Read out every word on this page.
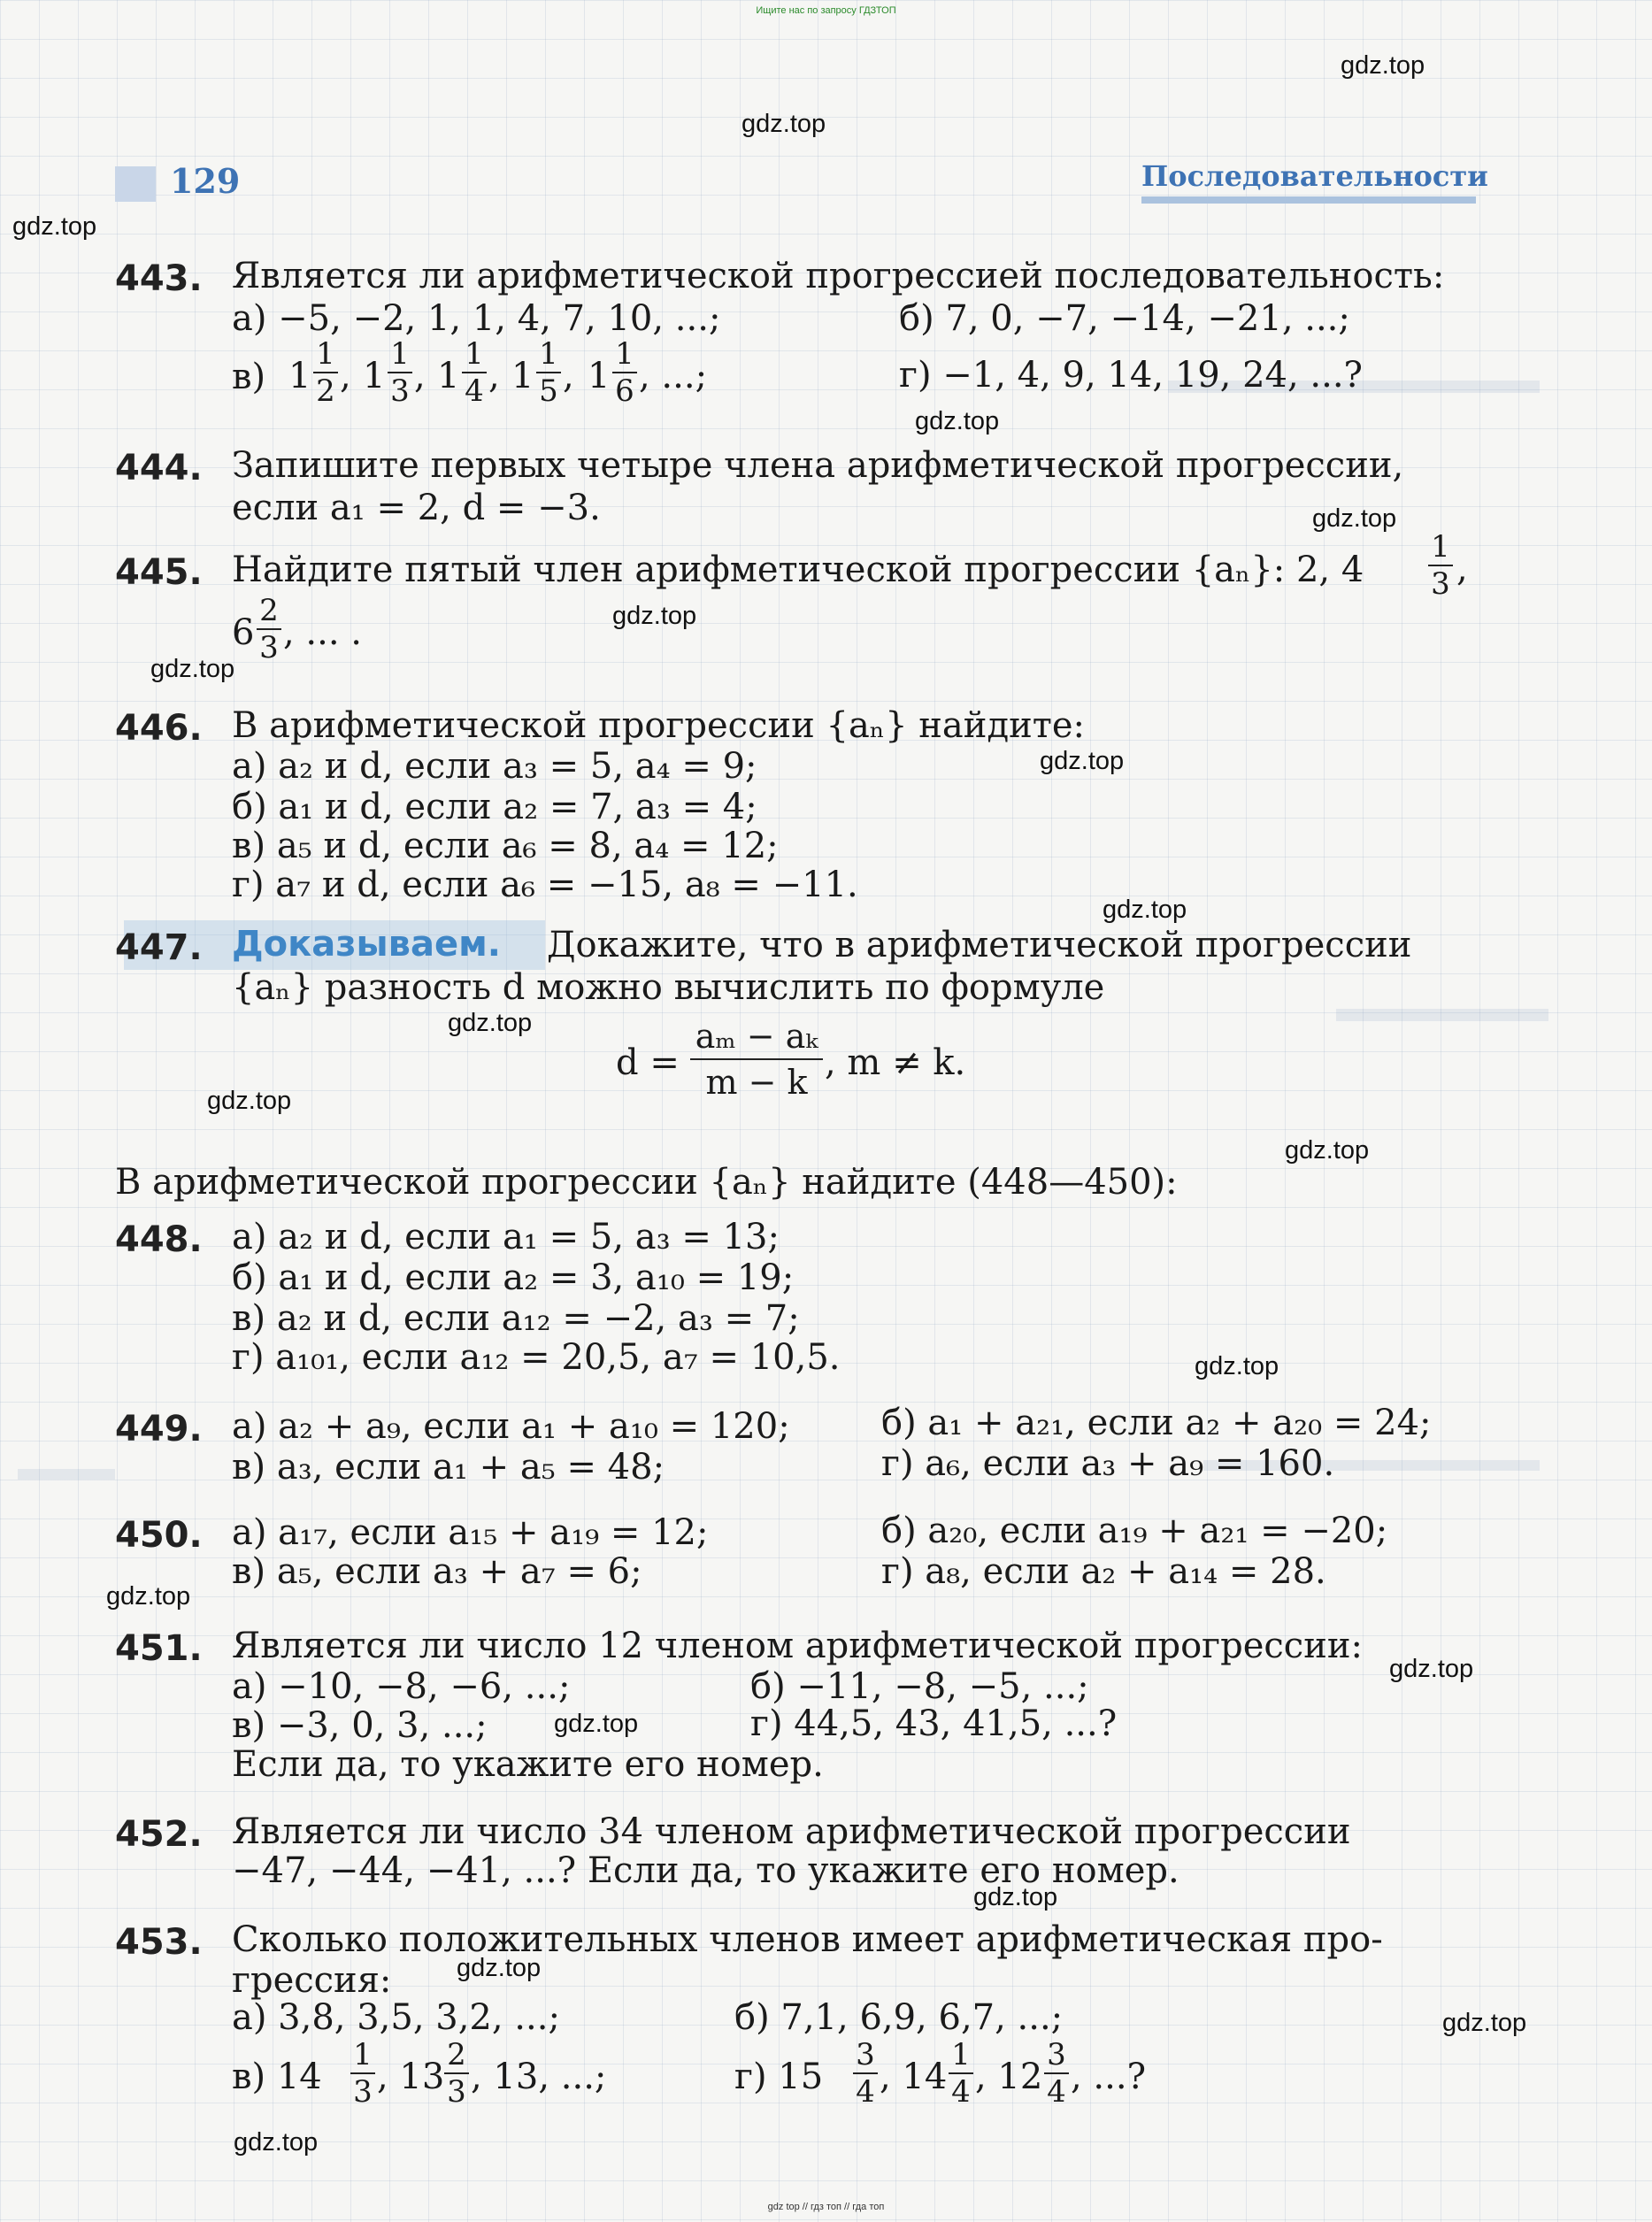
Ищите нас по запросу ГДЗТОП
gdz top // гдз топ // гда топ
129	Последовательности
gdz.top
gdz.top
gdz.top
gdz.top
gdz.top
gdz.top
gdz.top
gdz.top
gdz.top
gdz.top
gdz.top
gdz.top
gdz.top
gdz.top
gdz.top
gdz.top
gdz.top
gdz.top
gdz.top
gdz.top
443. Является ли арифметической прогрессией последовательность:
а) −5, −2, 1, 1, 4, 7, 10, ...;	б) 7, 0, −7, −14, −21, ...;
в) $1 \frac{1}{2}$ , $1 \frac{1}{3}$ , $1 \frac{1}{4}$ , $1 \frac{1}{5}$ , $1 \frac{1}{6}$ , ...;	г) −1, 4, 9, 14, 19, 24, ...?
444. Запишите первых четыре члена арифметической прогрессии,
если a₁ = 2, d = −3.
445. Найдите пятый член арифметической прогрессии {aₙ}: 2, $4 \frac{1}{3}$ ,
$6 \frac{2}{3}$ , ... .
446. В арифметической прогрессии {aₙ} найдите:
а) a₂ и d, если a₃ = 5, a₄ = 9;
б) a₁ и d, если a₂ = 7, a₃ = 4;
в) a₅ и d, если a₆ = 8, a₄ = 12;
г) a₇ и d, если a₆ = −15, a₈ = −11.
447. Доказываем. Докажите, что в арифметической прогрессии
{aₙ} разность d можно вычислить по формуле
$d = \frac{\text{aₘ − aₖ}}{m - k}$ , m ≠ k.
В арифметической прогрессии {aₙ} найдите (448—450):
448. а) a₂ и d, если a₁ = 5, a₃ = 13;
б) a₁ и d, если a₂ = 3, a₁₀ = 19;
в) a₂ и d, если a₁₂ = −2, a₃ = 7;
г) a₁₀₁, если a₁₂ = 20,5, a₇ = 10,5.
449. а) a₂ + a₉, если a₁ + a₁₀ = 120;	б) a₁ + a₂₁, если a₂ + a₂₀ = 24;
в) a₃, если a₁ + a₅ = 48;	г) a₆, если a₃ + a₉ = 160.
450. а) a₁₇, если a₁₅ + a₁₉ = 12;	б) a₂₀, если a₁₉ + a₂₁ = −20;
в) a₅, если a₃ + a₇ = 6;	г) a₈, если a₂ + a₁₄ = 28.
451. Является ли число 12 членом арифметической прогрессии:
а) −10, −8, −6, ...;	б) −11, −8, −5, ...;
в) −3, 0, 3, ...;	г) 44,5, 43, 41,5, ...?
Если да, то укажите его номер.
452. Является ли число 34 членом арифметической прогрессии
−47, −44, −41, ...? Если да, то укажите его номер.
453. Сколько положительных членов имеет арифметическая про-
грессия:
а) 3,8, 3,5, 3,2, ...;	б) 7,1, 6,9, 6,7, ...;
в) $14 \frac{1}{3}$ , $13 \frac{2}{3}$ , 13, ...;	г) $15 \frac{3}{4}$ , $14 \frac{1}{4}$ , $12 \frac{3}{4}$ , ...?
